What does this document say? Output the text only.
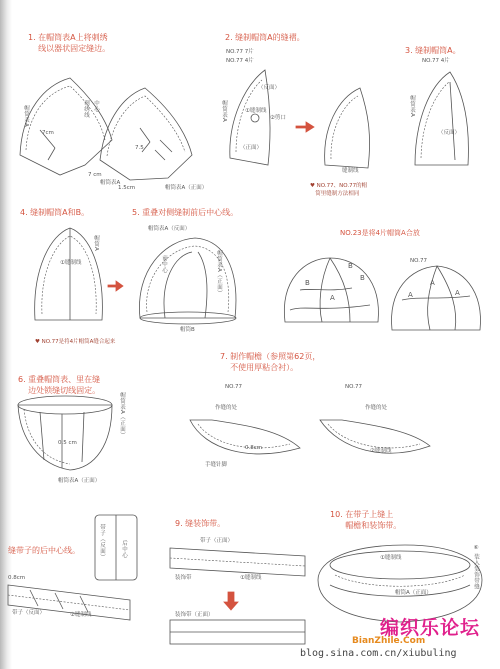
1. 在帽筒表A上将刺绣
线以器状固定缝边。
2. 缝制帽筒A的缝褶。
3. 缝制帽筒A。
4. 缝制帽筒A和B。	5. 重叠对侧缝制前后中心线。
6. 重叠帽筒表、里在缝
边处锁缝切线固定。
7. 制作帽檐（参照第62页，
不使用厚粘合衬）。
缝带子的后中心线。
9. 缝装饰带。
10. 在带子上缝上
帽檐和装饰带。
NO.77 7片
NO.77 4片	NO.77 4片
NO.77
NO.77	NO.77
♥ NO.77、NO.77的帽
筒里缝制方法相同
♥ NO.77是将4片帽筒A缝合起来
NO.23是将4片帽筒A合放
刺绣线 中心
帽筒表A
7cm
7.5
7 cm
1.5cm
帽筒表A
帽筒表A（正面）
帽筒表A
（反面）
①缝制线
②剪口
（正面）
缝制线
帽筒表A
（反面）
帽筒A
①缝制线
帽筒表A（反面）
帽筒表A（正面）
前中心
帽筒B
B
B
B	A
A	A
A
帽筒表A（正面）
0.5 cm
帽筒表A（正面）
作缝的处	作缝的处
0.8cm
手缝针脚
②缝制线
带子（反面）	后中心
0.8cm
带子（反面）	②缝制线
带子（正面）
装饰带	①缝制线
装饰带（正面）
①缝制线	⑥ 装入装饰带缝
帽筒A（正面）
编织乐论坛
BianZhile.Com
blog.sina.com.cn/xiubuling
